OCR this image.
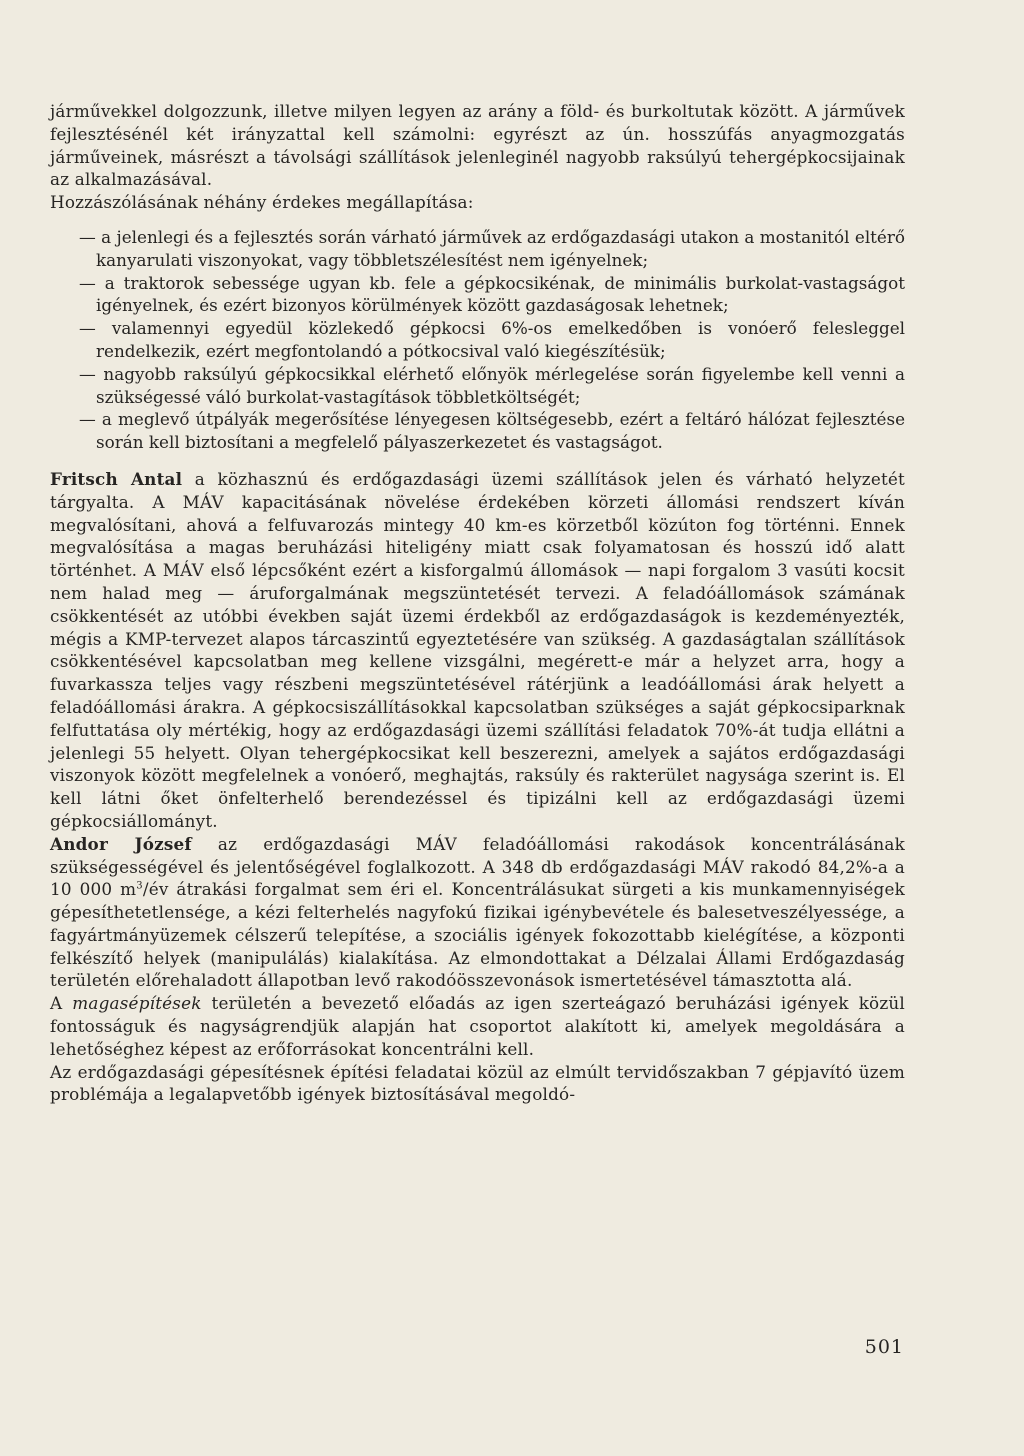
járművekkel dolgozzunk, illetve milyen legyen az arány a föld- és burkoltutak között. A járművek fejlesztésénél két irányzattal kell számolni: egyrészt az ún. hosszúfás anyagmozgatás járműveinek, másrészt a távolsági szállítások jelenleginél nagyobb raksúlyú tehergépkocsijainak az alkalmazásával.

Hozzászólásának néhány érdekes megállapítása:

— a jelenlegi és a fejlesztés során várható járművek az erdőgazdasági utakon a mostanitól eltérő kanyarulati viszonyokat, vagy többletszélesítést nem igényelnek;
— a traktorok sebessége ugyan kb. fele a gépkocsikénak, de minimális burkolat-vastagságot igényelnek, és ezért bizonyos körülmények között gazdaságosak lehetnek;
— valamennyi egyedül közlekedő gépkocsi 6%-os emelkedőben is vonóerő felesleggel rendelkezik, ezért megfontolandó a pótkocsival való kiegészítésük;
— nagyobb raksúlyú gépkocsikkal elérhető előnyök mérlegelése során figyelembe kell venni a szükségessé váló burkolat-vastagítások többletköltségét;
— a meglevő útpályák megerősítése lényegesen költségesebb, ezért a feltáró hálózat fejlesztése során kell biztosítani a megfelelő pályaszerkezetet és vastagságot.

Fritsch Antal a közhasznú és erdőgazdasági üzemi szállítások jelen és várható helyzetét tárgyalta. A MÁV kapacitásának növelése érdekében körzeti állomási rendszert kíván megvalósítani, ahová a felfuvarozás mintegy 40 km-es körzetből közúton fog történni. Ennek megvalósítása a magas beruházási hiteligény miatt csak folyamatosan és hosszú idő alatt történhet. A MÁV első lépcsőként ezért a kisforgalmú állomások — napi forgalom 3 vasúti kocsit nem halad meg — áruforgalmának megszüntetését tervezi. A feladóállomások számának csökkentését az utóbbi években saját üzemi érdekből az erdőgazdaságok is kezdeményezték, mégis a KMP-tervezet alapos tárcaszintű egyeztetésére van szükség. A gazdaságtalan szállítások csökkentésével kapcsolatban meg kellene vizsgálni, megérett-e már a helyzet arra, hogy a fuvarkassza teljes vagy részbeni megszüntetésével rátérjünk a leadóállomási árak helyett a feladóállomási árakra. A gépkocsiszállításokkal kapcsolatban szükséges a saját gépkocsiparknak felfuttatása oly mértékig, hogy az erdőgazdasági üzemi szállítási feladatok 70%-át tudja ellátni a jelenlegi 55 helyett. Olyan tehergépkocsikat kell beszerezni, amelyek a sajátos erdőgazdasági viszonyok között megfelelnek a vonóerő, meghajtás, raksúly és rakterület nagysága szerint is. El kell látni őket önfelterhelő berendezéssel és tipizálni kell az erdőgazdasági üzemi gépkocsiállományt.

Andor József az erdőgazdasági MÁV feladóállomási rakodások koncentrálásának szükségességével és jelentőségével foglalkozott. A 348 db erdőgazdasági MÁV rakodó 84,2%-a a 10 000 $m^3/év$ átrakási forgalmat sem éri el. Koncentrálásukat sürgeti a kis munkamennyiségek gépesíthetetlensége, a kézi felterhelés nagyfokú fizikai igénybevétele és balesetveszélyessége, a fagyártmányüzemek célszerű telepítése, a szociális igények fokozottabb kielégítése, a központi felkészítő helyek (manipulálás) kialakítása. Az elmondottakat a Délzalai Állami Erdőgazdaság területén előrehaladott állapotban levő rakodóösszevonások ismertetésével támasztotta alá.

A magasépítések területén a bevezető előadás az igen szerteágazó beruházási igények közül fontosságuk és nagyságrendjük alapján hat csoportot alakított ki, amelyek megoldására a lehetőséghez képest az erőforrásokat koncentrálni kell.

Az erdőgazdasági gépesítésnek építési feladatai közül az elmúlt tervidőszakban 7 gépjavító üzem problémája a legalapvetőbb igények biztosításával megoldó-

501
